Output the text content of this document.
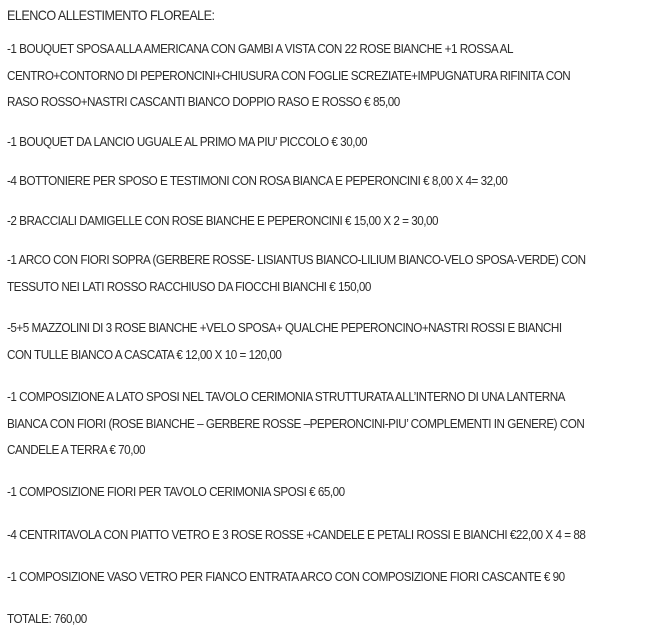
ELENCO ALLESTIMENTO FLOREALE:
-1 BOUQUET SPOSA ALLA AMERICANA CON GAMBI A VISTA CON 22 ROSE BIANCHE +1 ROSSA AL
CENTRO+CONTORNO DI PEPERONCINI+CHIUSURA CON FOGLIE SCREZIATE+IMPUGNATURA RIFINITA CON
RASO ROSSO+NASTRI CASCANTI BIANCO DOPPIO RASO E ROSSO € 85,00
-1 BOUQUET DA LANCIO UGUALE AL PRIMO MA PIU’ PICCOLO € 30,00
-4 BOTTONIERE PER SPOSO E TESTIMONI CON ROSA BIANCA E PEPERONCINI € 8,00 X 4= 32,00
-2 BRACCIALI DAMIGELLE CON ROSE BIANCHE E PEPERONCINI € 15,00 X 2 = 30,00
-1 ARCO CON FIORI SOPRA (GERBERE ROSSE- LISIANTUS BIANCO-LILIUM BIANCO-VELO SPOSA-VERDE) CON
TESSUTO NEI LATI ROSSO RACCHIUSO DA FIOCCHI BIANCHI € 150,00
-5+5 MAZZOLINI DI 3 ROSE BIANCHE +VELO SPOSA+ QUALCHE PEPERONCINO+NASTRI ROSSI E BIANCHI
CON TULLE BIANCO A CASCATA € 12,00 X 10 = 120,00
-1 COMPOSIZIONE A LATO SPOSI NEL TAVOLO CERIMONIA STRUTTURATA ALL’INTERNO DI UNA LANTERNA
BIANCA CON FIORI (ROSE BIANCHE – GERBERE ROSSE –PEPERONCINI-PIU’ COMPLEMENTI IN GENERE) CON
CANDELE A TERRA € 70,00
-1 COMPOSIZIONE FIORI PER TAVOLO CERIMONIA SPOSI € 65,00
-4 CENTRITAVOLA CON PIATTO VETRO E 3 ROSE ROSSE +CANDELE E PETALI ROSSI E BIANCHI €22,00 X 4 = 88
-1 COMPOSIZIONE VASO VETRO PER FIANCO ENTRATA ARCO CON COMPOSIZIONE FIORI CASCANTE € 90
TOTALE: 760,00
